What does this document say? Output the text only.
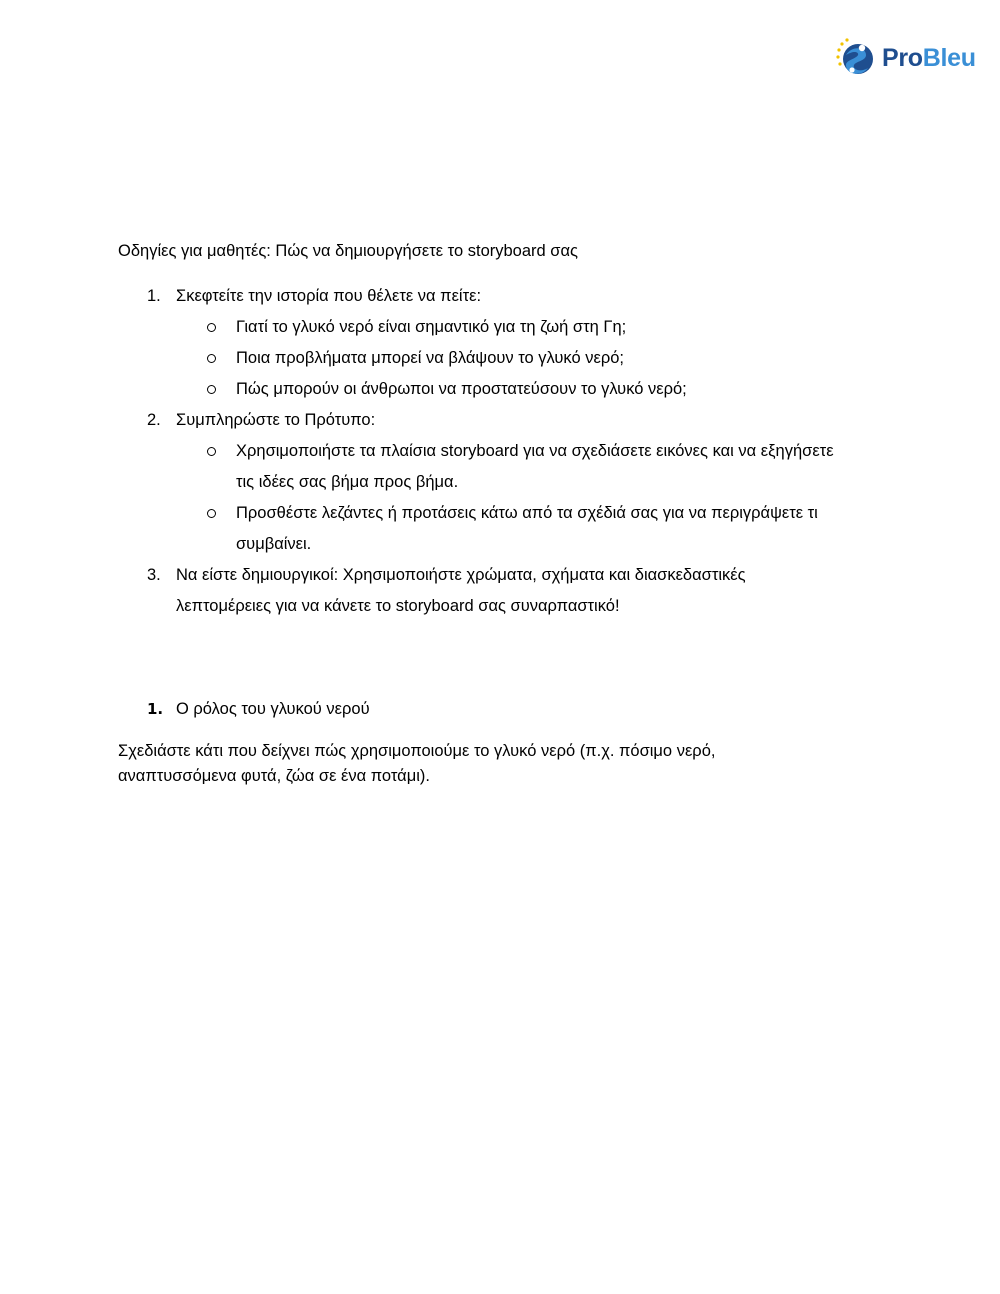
ProBleu
Οδηγίες για μαθητές: Πώς να δημιουργήσετε το storyboard σας
1. Σκεφτείτε την ιστορία που θέλετε να πείτε:
Γιατί το γλυκό νερό είναι σημαντικό για τη ζωή στη Γη;
Ποια προβλήματα μπορεί να βλάψουν το γλυκό νερό;
Πώς μπορούν οι άνθρωποι να προστατεύσουν το γλυκό νερό;
2. Συμπληρώστε το Πρότυπο:
Χρησιμοποιήστε τα πλαίσια storyboard για να σχεδιάσετε εικόνες και να εξηγήσετε τις ιδέες σας βήμα προς βήμα.
Προσθέστε λεζάντες ή προτάσεις κάτω από τα σχέδιά σας για να περιγράψετε τι συμβαίνει.
3. Να είστε δημιουργικοί: Χρησιμοποιήστε χρώματα, σχήματα και διασκεδαστικές λεπτομέρειες για να κάνετε το storyboard σας συναρπαστικό!
1. Ο ρόλος του γλυκού νερού
Σχεδιάστε κάτι που δείχνει πώς χρησιμοποιούμε το γλυκό νερό (π.χ. πόσιμο νερό, αναπτυσσόμενα φυτά, ζώα σε ένα ποτάμι).
